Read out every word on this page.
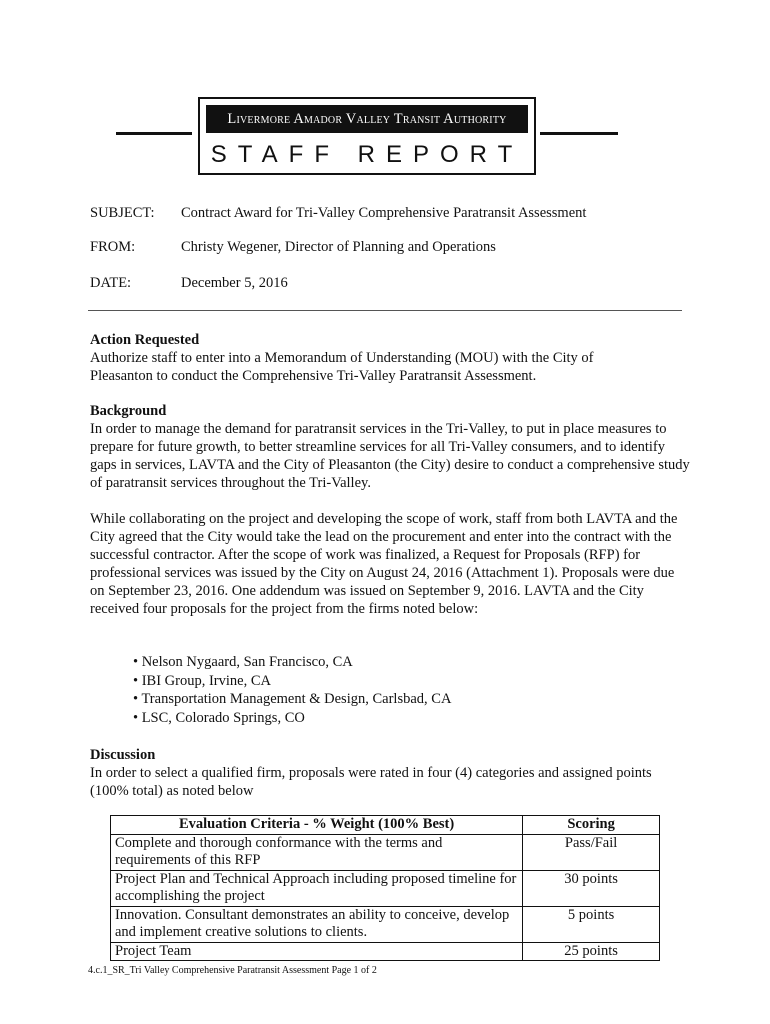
Livermore Amador Valley Transit Authority
STAFF REPORT
SUBJECT: Contract Award for Tri-Valley Comprehensive Paratransit Assessment
FROM:	Christy Wegener, Director of Planning and Operations
DATE:	December 5, 2016
Action Requested
Authorize staff to enter into a Memorandum of Understanding (MOU) with the City of Pleasanton to conduct the Comprehensive Tri-Valley Paratransit Assessment.
Background
In order to manage the demand for paratransit services in the Tri-Valley, to put in place measures to prepare for future growth, to better streamline services for all Tri-Valley consumers, and to identify gaps in services, LAVTA and the City of Pleasanton (the City) desire to conduct a comprehensive study of paratransit services throughout the Tri-Valley.
While collaborating on the project and developing the scope of work, staff from both LAVTA and the City agreed that the City would take the lead on the procurement and enter into the contract with the successful contractor. After the scope of work was finalized, a Request for Proposals (RFP) for professional services was issued by the City on August 24, 2016 (Attachment 1). Proposals were due on September 23, 2016. One addendum was issued on September 9, 2016. LAVTA and the City received four proposals for the project from the firms noted below:
• Nelson Nygaard, San Francisco, CA
• IBI Group, Irvine, CA
• Transportation Management & Design, Carlsbad, CA
• LSC, Colorado Springs, CO
Discussion
In order to select a qualified firm, proposals were rated in four (4) categories and assigned points (100% total) as noted below
Evaluation Criteria - % Weight (100% Best)	Scoring
Complete and thorough conformance with the terms and requirements of this RFP	Pass/Fail
Project Plan and Technical Approach including proposed timeline for accomplishing the project	30 points
Innovation. Consultant demonstrates an ability to conceive, develop and implement creative solutions to clients.	5 points
Project Team	25 points
4.c.1_SR_Tri Valley Comprehensive Paratransit Assessment Page 1 of 2
